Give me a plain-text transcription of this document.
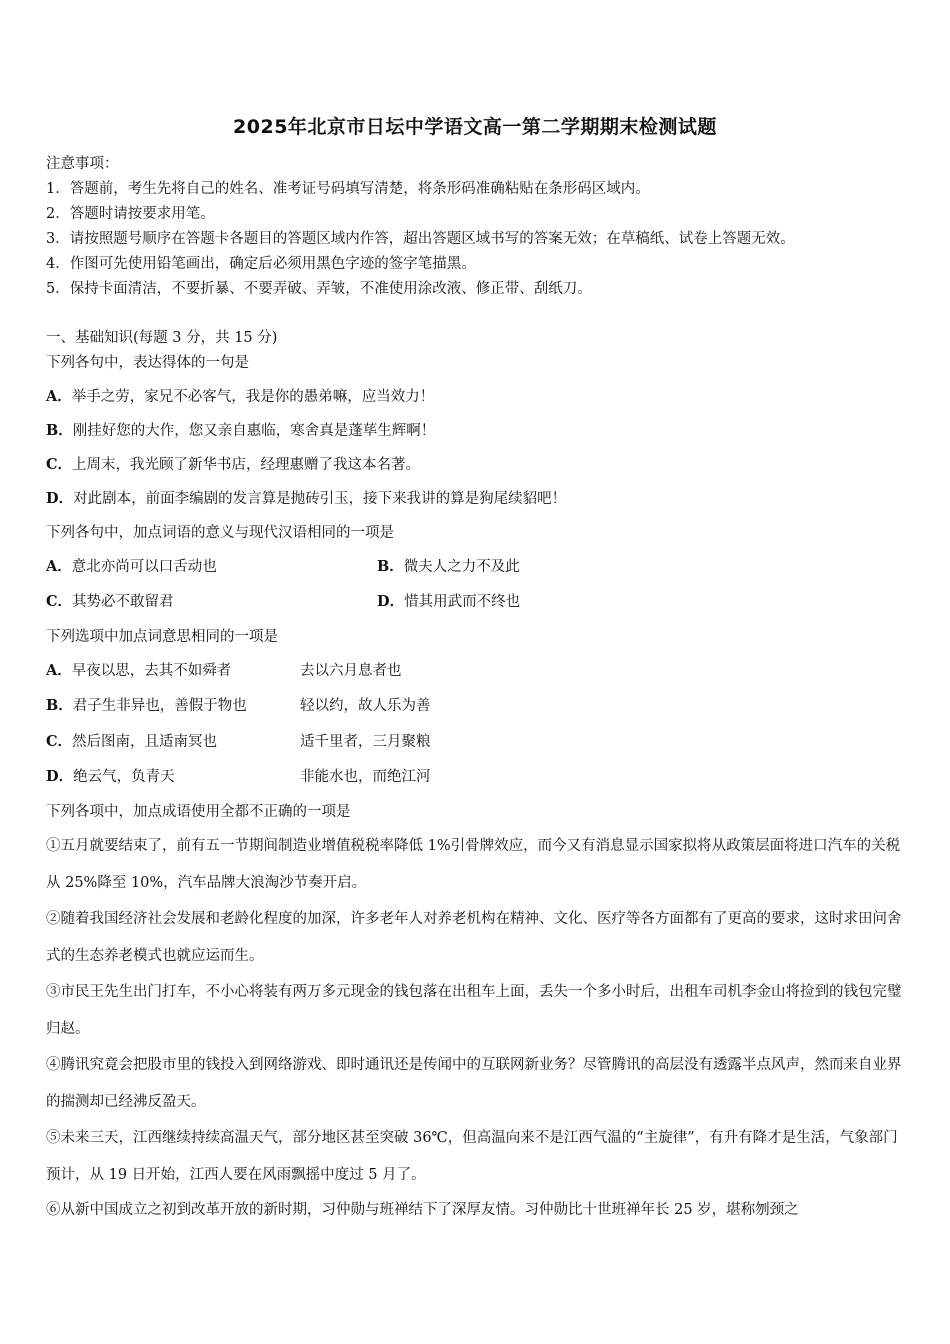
2025年北京市日坛中学语文高一第二学期期末检测试题
注意事项：
1．答题前，考生先将自己的姓名、准考证号码填写清楚，将条形码准确粘贴在条形码区域内。
2．答题时请按要求用笔。
3．请按照题号顺序在答题卡各题目的答题区域内作答，超出答题区域书写的答案无效；在草稿纸、试卷上答题无效。
4．作图可先使用铅笔画出，确定后必须用黑色字迹的签字笔描黑。
5．保持卡面清洁，不要折暴、不要弄破、弄皱，不准使用涂改液、修正带、刮纸刀。
一、基础知识(每题 3 分，共 15 分)
下列各句中，表达得体的一句是
A．举手之劳，家兄不必客气，我是你的愚弟嘛，应当效力！
B．刚挂好您的大作，您又亲自惠临，寒舍真是蓬荜生辉啊！
C．上周末，我光顾了新华书店，经理惠赠了我这本名著。
D．对此剧本，前面李编剧的发言算是抛砖引玉，接下来我讲的算是狗尾续貂吧！
下列各句中，加点词语的意义与现代汉语相同的一项是
A．意北亦尚可以口舌动也	B．微夫人之力不及此
C．其势必不敢留君	D．惜其用武而不终也
下列选项中加点词意思相同的一项是
A．早夜以思，去其不如舜者	去以六月息者也
B．君子生非异也，善假于物也	轻以约，故人乐为善
C．然后图南，且适南冥也	适千里者，三月聚粮
D．绝云气，负青天	非能水也，而绝江河
下列各项中，加点成语使用全都不正确的一项是
①五月就要结束了，前有五一节期间制造业增值税税率降低 1%引骨牌效应，而今又有消息显示国家拟将从政策层面将进口汽车的关税从 25%降至 10%，汽车品牌大浪淘沙节奏开启。
②随着我国经济社会发展和老龄化程度的加深，许多老年人对养老机构在精神、文化、医疗等各方面都有了更高的要求，这时求田问舍式的生态养老模式也就应运而生。
③市民王先生出门打车，不小心将装有两万多元现金的钱包落在出租车上面，丢失一个多小时后，出租车司机李金山将捡到的钱包完璧归赵。
④腾讯究竟会把股市里的钱投入到网络游戏、即时通讯还是传闻中的互联网新业务？尽管腾讯的高层没有透露半点风声，然而来自业界的揣测却已经沸反盈天。
⑤未来三天，江西继续持续高温天气，部分地区甚至突破 36℃，但高温向来不是江西气温的“主旋律”，有升有降才是生活，气象部门预计，从 19 日开始，江西人要在风雨飘摇中度过 5 月了。
⑥从新中国成立之初到改革开放的新时期，习仲勋与班禅结下了深厚友情。习仲勋比十世班禅年长 25 岁，堪称刎颈之
